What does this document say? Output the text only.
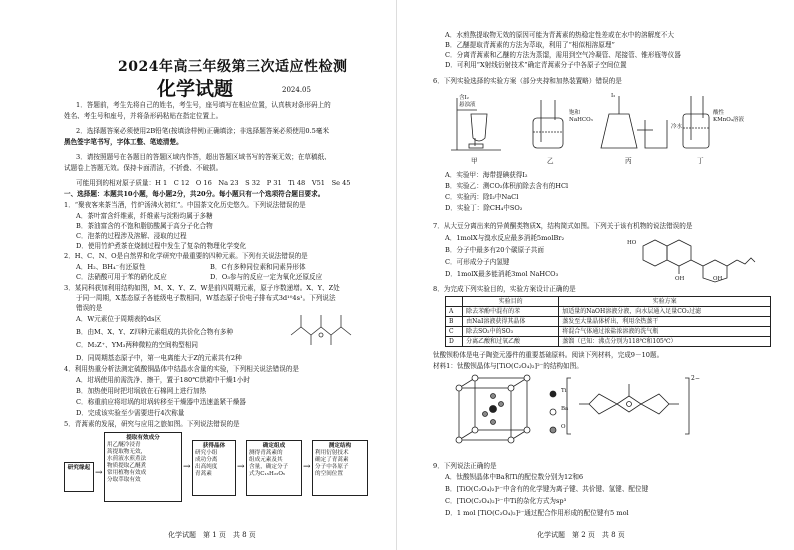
2024年高三年级第三次适应性检测
化学试题	2024.05
1．答题前，考生先将自己的姓名，考生号，座号填写在相应位置，认真核对条形码上的
姓名、考生号和座号，并将条形码粘贴在指定位置上。
2．选择题答案必须使用2B铅笔(按填涂样例)正确填涂；非选择题答案必须使用0.5毫米
黑色签字笔书写，字体工整、笔迹清楚。
3．请按照题号在各题目的答题区域内作答，超出答题区域书写的答案无效；在草稿纸、
试题卷上答题无效。保持卡面清洁，不折叠、不破损。
可能用到的相对原子质量：H 1　C 12　O 16　Na 23　S 32　P 31　Ti 48　V51　Se 45
一、选择题：本题共10小题，每小题2分，共20分。每小题只有一个选项符合题目要求。
1．“聚夜客来茶当酒，竹炉汤沸火初红”。中国茶文化历史悠久。下列说法错误的是
A．茶叶富含纤维素，纤维素与淀粉均属于多糖
B．茶油富含的不饱和脂肪酸属于高分子化合物
C．泡茶的过程涉及溶解、浸取的过程
D．使用竹炉煮茶在烧制过程中发生了复杂的物理化学变化
2．H、C、N、O是自然界和化学研究中最重要的四种元素。下列有关说法错误的是
A．H₂、BH₄⁻有还原性	B．C有多种同位素和同素异形体
C．法硝酸可用于苯的硝化反应	D．O₃参与的反应一定为氧化还原反应
3．某同科获加利用结构如图，M、X、Y、Z、W是前四周期元素，原子序数递增。X、Y、Z处
于同一周期，X基态原子各能级电子数相同，W基态原子价电子排布式3d¹⁰4s¹。下列说法
错误的是
A．W元素位于周期表的ds区
B．由M、X、Y、Z四种元素组成的共价化合物有多种
C．M₂Z⁺、YM₃两种微粒的空间构型相同
D．同周期基态原子中，第一电离能大于Z的元素共有2种
4．利用热重分析法测定硫酸铜晶体中结晶水含量的实验，下列相关说法错误的是
A．坩埚使用前需洗净、擦干，置于180℃烘箱中干燥1小时
B．加热使用时把坩埚放在石棉网上进行加热
C．称重前应将坩埚的坩埚转移至干燥器中迅速盖紧干燥器
D．完成该实验至少需要进行4次称量
5．青蒿素的发展，研究与应用之旅如图。下列说法错误的是
研究缘起 →
提取有效成分
用乙醚冷浸青
蒿提取物无效，
水煎液水煎煮法
物质提取乙醚煮
常用植物有效成
分取萃取有效
→
获得晶体
研究小组
成功分离
出高纯度
青蒿素
→
确定组成
测得青蒿素的
组成元素及其
含量，确定分子
式为C₁₅H₂₂O₅
→
测定结构
利用衍射技术
确定了青蒿素
分子中各原子
的空间位置
化学试题　第 1 页　共 8 页
A．水煎熬提取物无效的原因可能为青蒿素的热稳定性差或在水中的溶解度不大
B．乙醚提取青蒿素的方法为萃取，利用了“相似相溶原理”
C．分离青蒿素和乙醚的方法为蒸馏，需用到空气冷凝管、尾接管、锥形瓶等仪器
D．可利用“X射线衍射技术”确定青蒿素分子中各原子空间位置
6．下列实验选择的实验方案（部分夹持和加热装置略）错误的是
含I₂
悬浊液
饱和
NaHCO₃
I₂
冷水
酸性
KMnO₄溶液
甲	乙	丙	丁
A．实验甲：海带提碘获得I₂
B．实验乙：测CO₂体积前除去含有的HCl
C．实验丙：除I₂中NaCl
D．实验丁：除CH₄中SO₂
7．从大豆分离出来的异黄酮类物质X，结构简式如图。下列关于该有机物的说法错误的是
A．1molX与溴水反应最多消耗5molBr₂
B．分子中最多有20个碳原子共面
C．可形成分子内氢键
D．1molX最多能消耗3mol NaHCO₃
HO
OH	OH
8．为完成下列实验目的，实验方案设计正确的是
	实验目的	实验方案
A	除去苯酚中混有的苯	加适量的NaOH溶液分液，向水层通入足量CO₂过滤
B	由NaI溶液获得其晶体	蒸发至大量晶体析出，利用余热蒸干
C	除去SO₂中的SO₃	将混合气体通过浓盐浓溶液的洗气瓶
D	分离乙酸和过氧乙酸	蒸馏（已知：沸点分别为118℃和105℃）
钛酸钡粉体是电子陶瓷元器件的重要基础原料。阅读下列材料，完成9－10题。
材料1：钛酸钡晶体与[TiO(C₂O₄)₂]²⁻的结构如图。
Ti
Ba
O
2−
9．下列说法正确的是
A．钛酸钡晶体中Ba和Ti的配位数分别为12和6
B．[TiO(C₂O₄)₂]²⁻中含有的化学键为离子键、共价键、氢键、配位键
C．[TiO(C₂O₄)₂]²⁻中Ti的杂化方式为sp³
D．1 mol [TiO(C₂O₄)₂]²⁻通过配合作用形成的配位键有5 mol
化学试题　第 2 页　共 8 页
